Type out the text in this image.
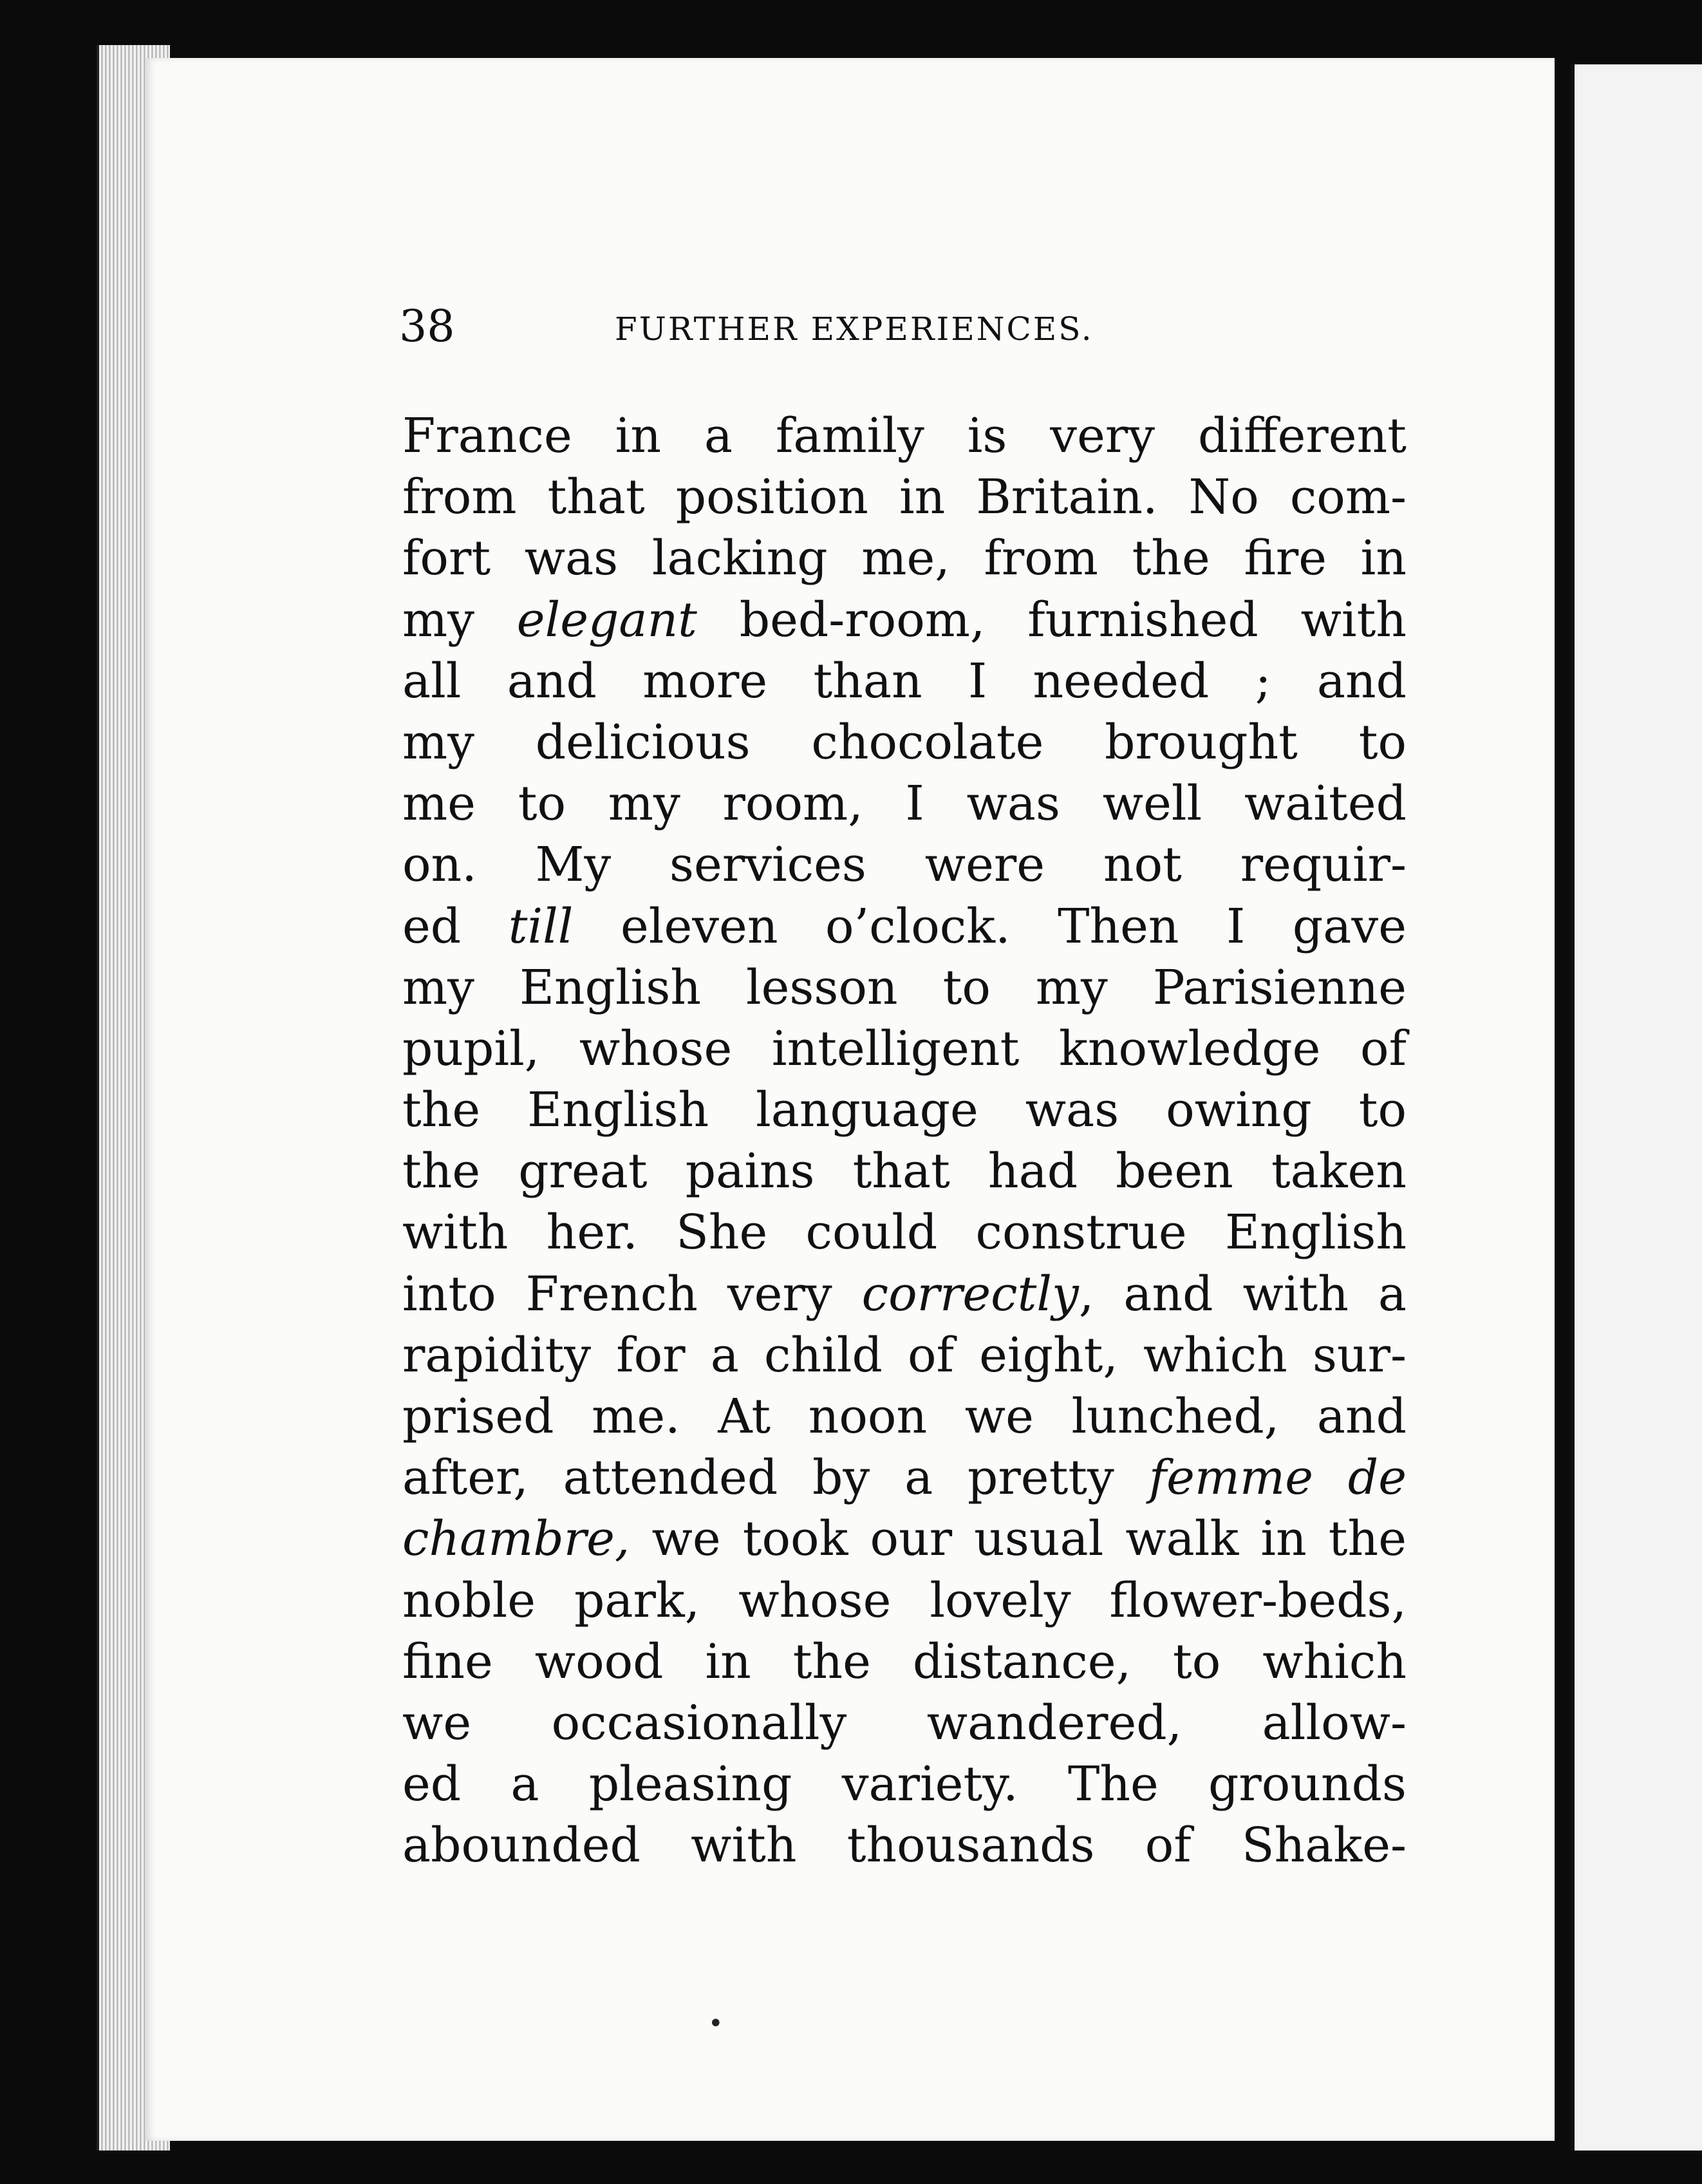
38	FURTHER EXPERIENCES.
France in a family is very different
from that position in Britain. No com-
fort was lacking me, from the fire in
my elegant bed-room, furnished with
all and more than I needed ; and
my delicious chocolate brought to
me to my room, I was well waited
on. My services were not requir-
ed till eleven o’clock. Then I gave
my English lesson to my Parisienne
pupil, whose intelligent knowledge of
the English language was owing to
the great pains that had been taken
with her. She could construe English
into French very correctly, and with a
rapidity for a child of eight, which sur-
prised me. At noon we lunched, and
after, attended by a pretty femme de
chambre, we took our usual walk in the
noble park, whose lovely flower-beds,
fine wood in the distance, to which
we occasionally wandered, allow-
ed a pleasing variety. The grounds
abounded with thousands of Shake-
•
